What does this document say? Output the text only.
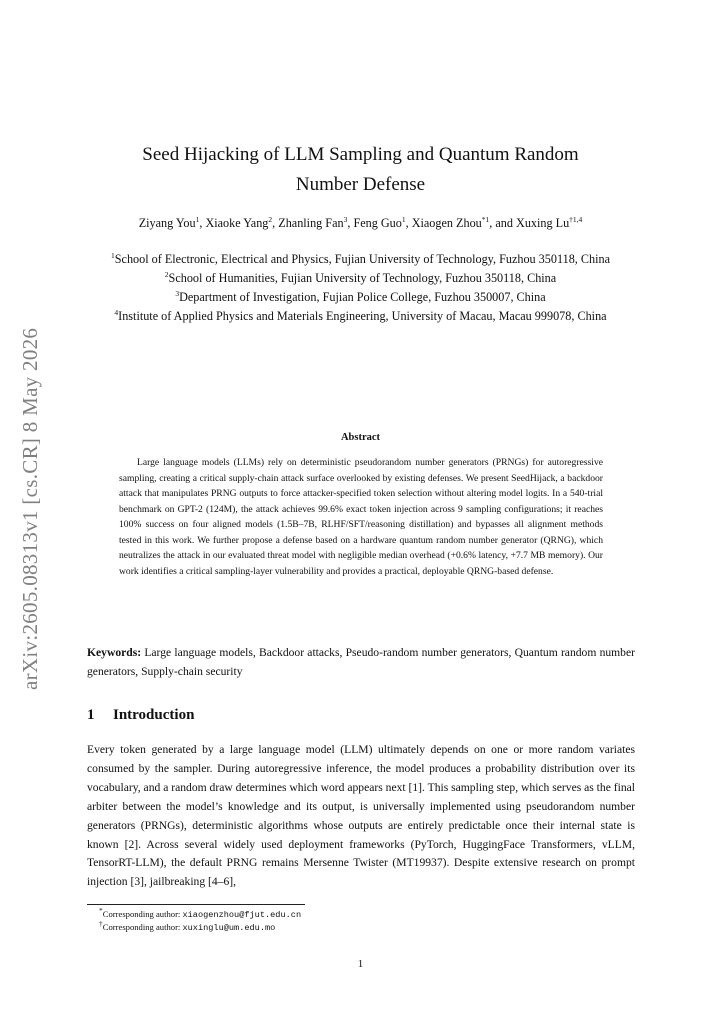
arXiv:2605.08313v1 [cs.CR] 8 May 2026
Seed Hijacking of LLM Sampling and Quantum Random
Number Defense
Ziyang You$^1$, Xiaoke Yang$^2$, Zhanling Fan$^3$, Feng Guo$^1$, Xiaogen Zhou$^{*1}$, and Xuxing Lu$^{\dagger 1,4}$
$^1$School of Electronic, Electrical and Physics, Fujian University of Technology, Fuzhou 350118, China
$^2$School of Humanities, Fujian University of Technology, Fuzhou 350118, China
$^3$Department of Investigation, Fujian Police College, Fuzhou 350007, China
$^4$Institute of Applied Physics and Materials Engineering, University of Macau, Macau 999078, China
Abstract
Large language models (LLMs) rely on deterministic pseudorandom number generators (PRNGs) for autoregressive sampling, creating a critical supply-chain attack surface overlooked by existing defenses. We present SeedHijack, a backdoor attack that manipulates PRNG outputs to force attacker-specified token selection without altering model logits. In a 540-trial benchmark on GPT-2 (124M), the attack achieves 99.6% exact token injection across 9 sampling configurations; it reaches 100% success on four aligned models (1.5B–7B, RLHF/SFT/reasoning distillation) and bypasses all alignment methods tested in this work. We further propose a defense based on a hardware quantum random number generator (QRNG), which neutralizes the attack in our evaluated threat model with negligible median overhead (+0.6% latency, +7.7 MB memory). Our work identifies a critical sampling-layer vulnerability and provides a practical, deployable QRNG-based defense.
Keywords: Large language models, Backdoor attacks, Pseudo-random number generators, Quantum random number generators, Supply-chain security
1 Introduction
Every token generated by a large language model (LLM) ultimately depends on one or more random variates consumed by the sampler. During autoregressive inference, the model produces a probability distribution over its vocabulary, and a random draw determines which word appears next [1]. This sampling step, which serves as the final arbiter between the model’s knowledge and its output, is universally implemented using pseudorandom number generators (PRNGs), deterministic algorithms whose outputs are entirely predictable once their internal state is known [2]. Across several widely used deployment frameworks (PyTorch, HuggingFace Transformers, vLLM, TensorRT-LLM), the default PRNG remains Mersenne Twister (MT19937). Despite extensive research on prompt injection [3], jailbreaking [4–6],
*Corresponding author: xiaogenzhou@fjut.edu.cn
†Corresponding author: xuxinglu@um.edu.mo
1
